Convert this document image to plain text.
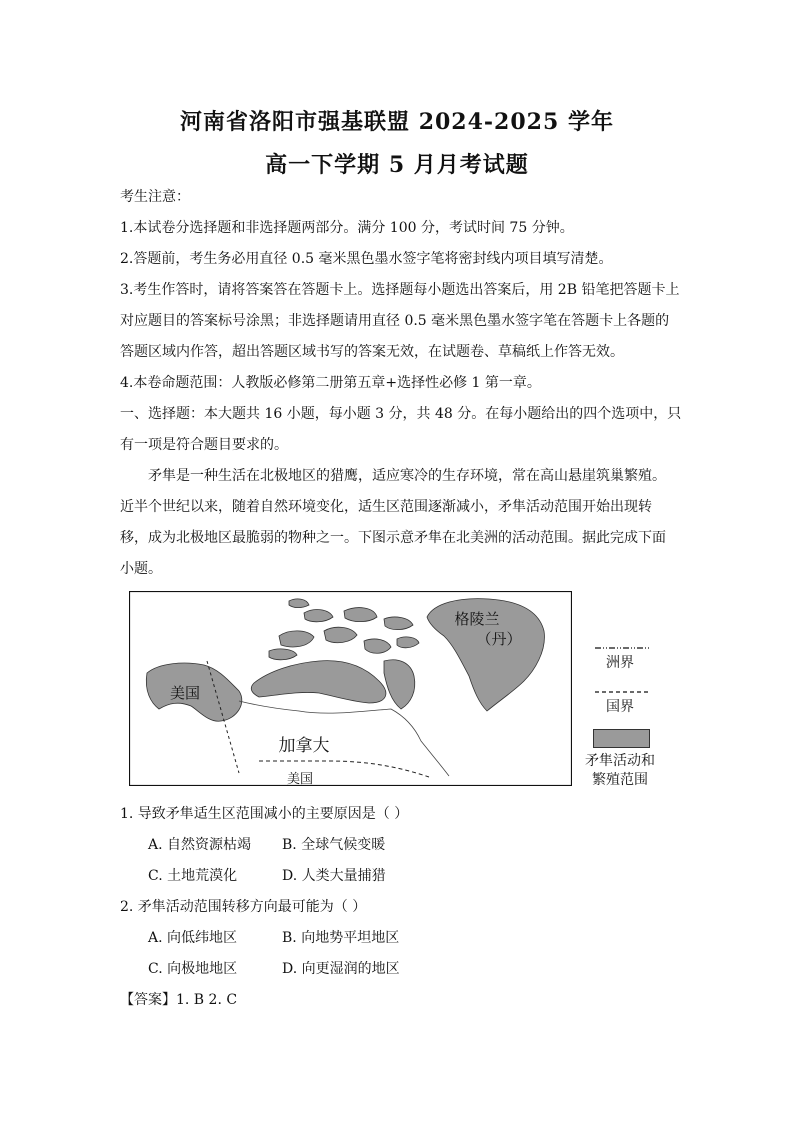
河南省洛阳市强基联盟 2024-2025 学年
高一下学期 5 月月考试题
考生注意：
1.本试卷分选择题和非选择题两部分。满分 100 分，考试时间 75 分钟。
2.答题前，考生务必用直径 0.5 毫米黑色墨水签字笔将密封线内项目填写清楚。
3.考生作答时，请将答案答在答题卡上。选择题每小题选出答案后，用 2B 铅笔把答题卡上
对应题目的答案标号涂黑；非选择题请用直径 0.5 毫米黑色墨水签字笔在答题卡上各题的
答题区域内作答，超出答题区域书写的答案无效，在试题卷、草稿纸上作答无效。
4.本卷命题范围：人教版必修第二册第五章+选择性必修 1 第一章。
一、选择题：本大题共 16 小题，每小题 3 分，共 48 分。在每小题给出的四个选项中，只
有一项是符合题目要求的。
矛隼是一种生活在北极地区的猎鹰，适应寒冷的生存环境，常在高山悬崖筑巢繁殖。
近半个世纪以来，随着自然环境变化，适生区范围逐渐减小，矛隼活动范围开始出现转
移，成为北极地区最脆弱的物种之一。下图示意矛隼在北美洲的活动范围。据此完成下面
小题。
格陵兰
（丹）
美国
加拿大
美国
洲界
国界
矛隼活动和
繁殖范围
1. 导致矛隼适生区范围减小的主要原因是（ ）
A. 自然资源枯竭 B. 全球气候变暖
C. 土地荒漠化	D. 人类大量捕猎
2. 矛隼活动范围转移方向最可能为（ ）
A. 向低纬地区	B. 向地势平坦地区
C. 向极地地区	D. 向更湿润的地区
【答案】1. B 2. C
